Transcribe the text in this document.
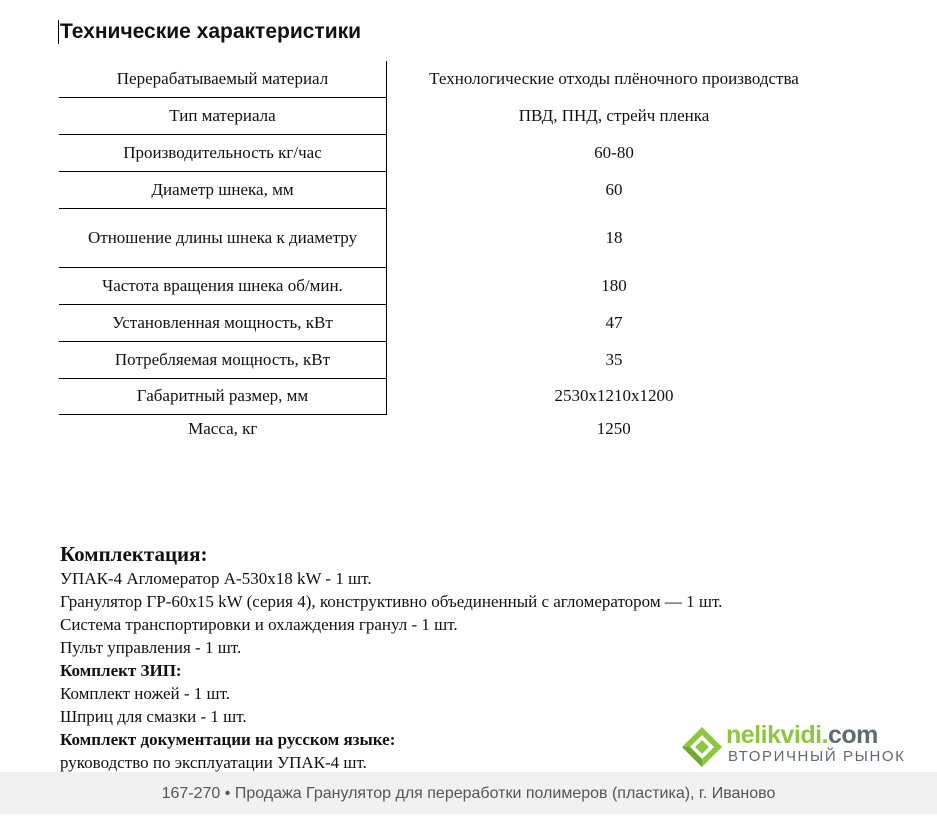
Технические характеристики
Перерабатываемый материал	Технологические отходы плёночного производства
Тип материала	ПВД, ПНД, стрейч пленка
Производительность кг/час	60-80
Диаметр шнека, мм	60
Отношение длины шнека к диаметру	18
Частота вращения шнека об/мин.	180
Установленная мощность, кВт	47
Потребляемая мощность, кВт	35
Габаритный размер, мм	2530x1210x1200
Масса, кг	1250
Комплектация:
УПАК-4 Агломератор А-530х18 kW - 1 шт.
Гранулятор ГР-60х15 kW (серия 4), конструктивно объединенный с агломератором — 1 шт.
Система транспортировки и охлаждения гранул - 1 шт.
Пульт управления - 1 шт.
Комплект ЗИП:
Комплект ножей - 1 шт.
Шприц для смазки - 1 шт.
Комплект документации на русском языке:
руководство по эксплуатации УПАК-4 шт.
nelikvidi.com
ВТОРИЧНЫЙ РЫНОК
167-270 • Продажа Гранулятор для переработки полимеров (пластика), г. Иваново
